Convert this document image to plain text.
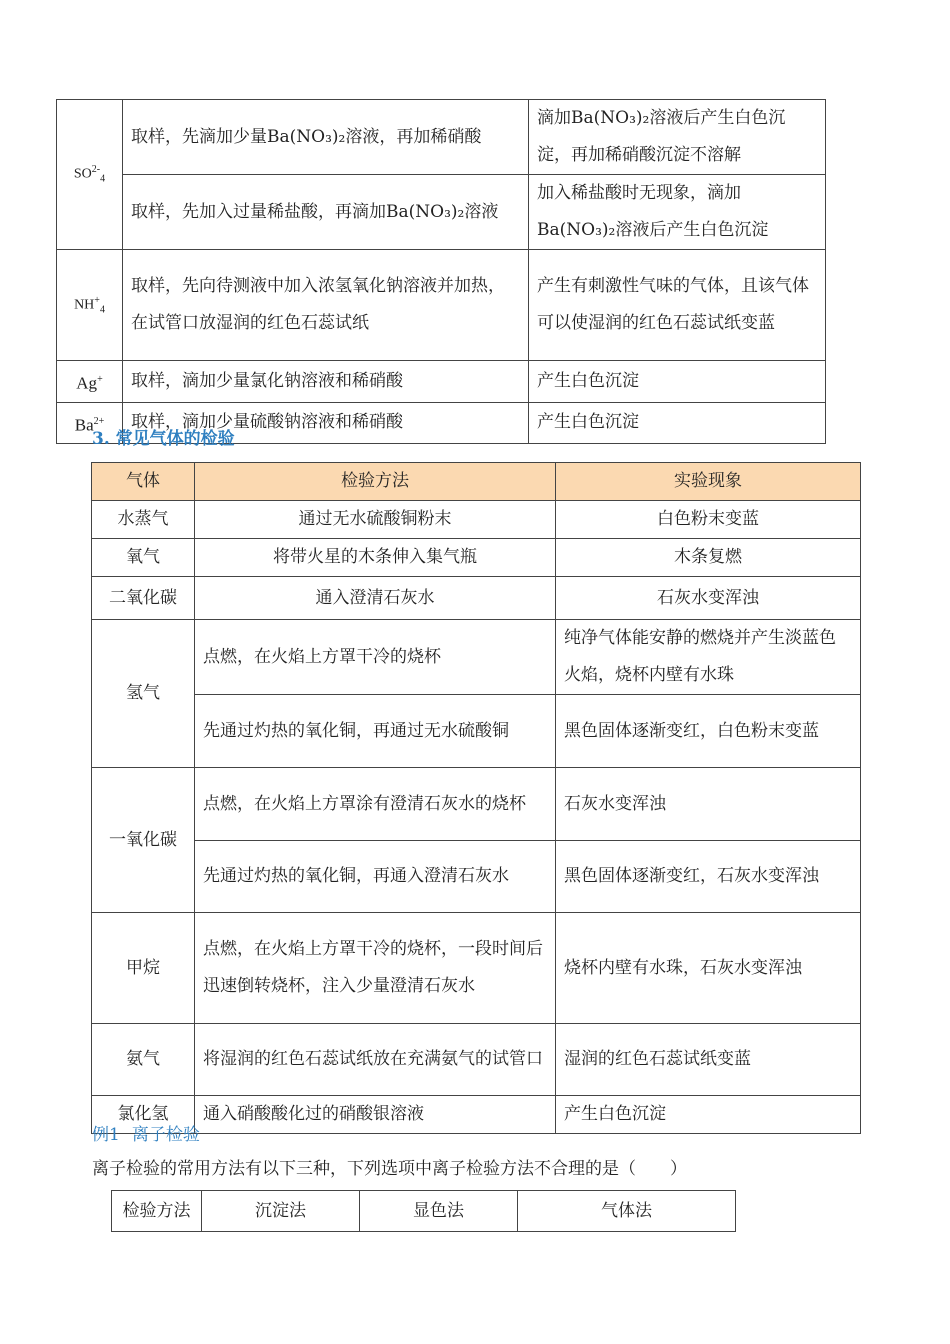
$SO^{2-}_4$	取样，先滴加少量Ba(NO₃)₂溶液，再加稀硝酸	滴加Ba(NO₃)₂溶液后产生白色沉淀，再加稀硝酸沉淀不溶解
	取样，先加入过量稀盐酸，再滴加Ba(NO₃)₂溶液	加入稀盐酸时无现象，滴加Ba(NO₃)₂溶液后产生白色沉淀
$NH^+_4$	取样，先向待测液中加入浓氢氧化钠溶液并加热，在试管口放湿润的红色石蕊试纸	产生有刺激性气味的气体，且该气体可以使湿润的红色石蕊试纸变蓝
Ag+	取样，滴加少量氯化钠溶液和稀硝酸	产生白色沉淀
$Ba^{2+}$	取样，滴加少量硫酸钠溶液和稀硝酸	产生白色沉淀
3. 常见气体的检验
气体	检验方法	实验现象
水蒸气	通过无水硫酸铜粉末	白色粉末变蓝
氧气	将带火星的木条伸入集气瓶	木条复燃
二氧化碳	通入澄清石灰水	石灰水变浑浊
氢气	点燃，在火焰上方罩干冷的烧杯	纯净气体能安静的燃烧并产生淡蓝色火焰，烧杯内壁有水珠
	先通过灼热的氧化铜，再通过无水硫酸铜	黑色固体逐渐变红，白色粉末变蓝
一氧化碳	点燃，在火焰上方罩涂有澄清石灰水的烧杯	石灰水变浑浊
	先通过灼热的氧化铜，再通入澄清石灰水	黑色固体逐渐变红，石灰水变浑浊
甲烷	点燃，在火焰上方罩干冷的烧杯，一段时间后迅速倒转烧杯，注入少量澄清石灰水	烧杯内壁有水珠，石灰水变浑浊
氨气	将湿润的红色石蕊试纸放在充满氨气的试管口	湿润的红色石蕊试纸变蓝
氯化氢	通入硝酸酸化过的硝酸银溶液	产生白色沉淀
例1 离子检验
离子检验的常用方法有以下三种，下列选项中离子检验方法不合理的是（　　）
检验方法	沉淀法	显色法	气体法
